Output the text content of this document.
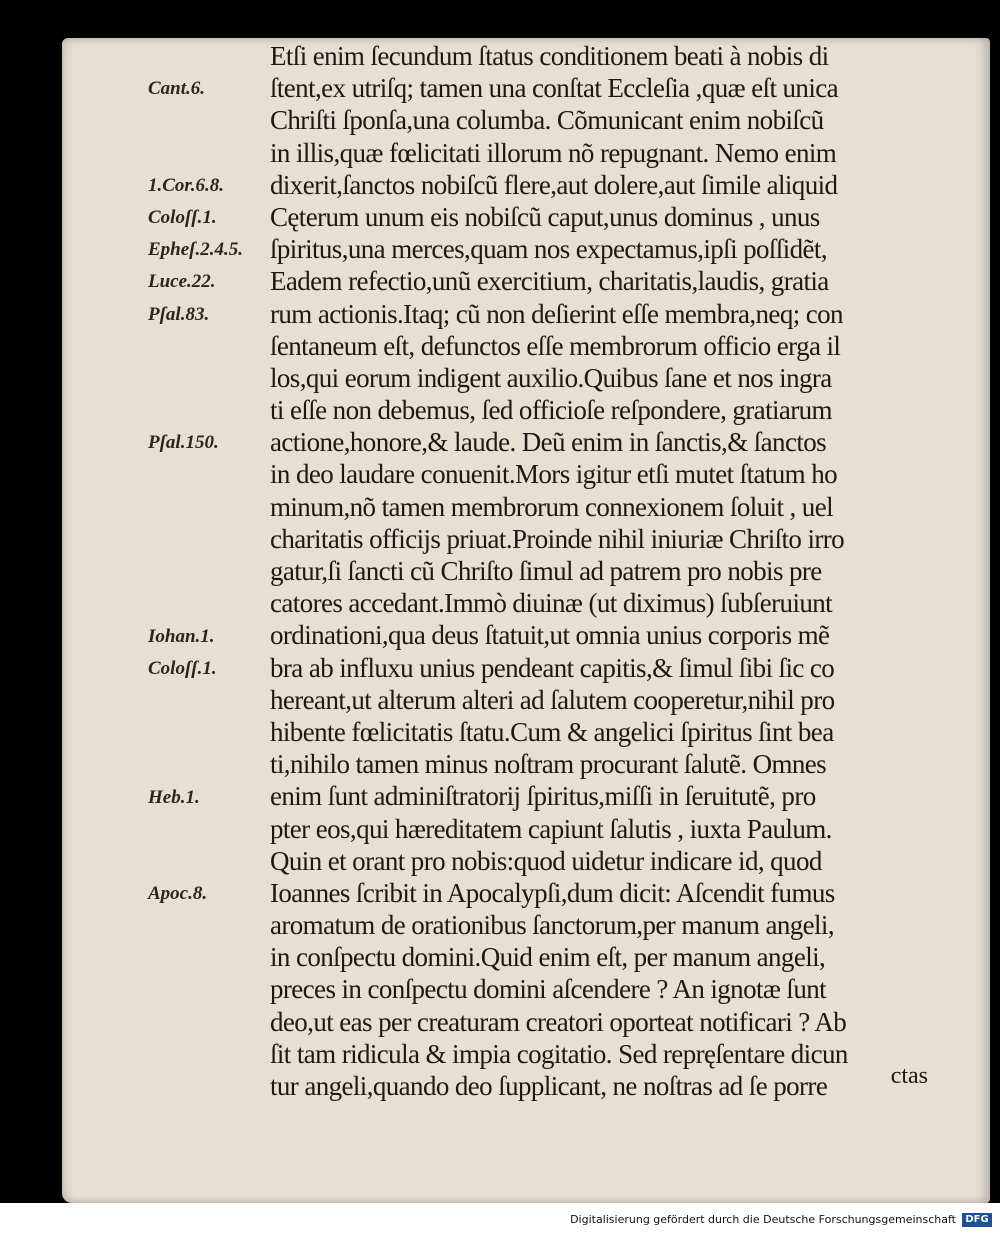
Cant.6.
1.Cor.6.8.
Coloſſ.1.
Epheſ.2.4.5.
Luce.22.
Pſal.83.
Pſal.150.
Iohan.1.
Coloſſ.1.
Heb.1.
Apoc.8.
Etſi enim ſecundum ſtatus conditionem beati à nobis di
ſtent,ex utriſq; tamen una conſtat Eccleſia ,quæ eſt unica
Chriſti ſponſa,una columba. Cõmunicant enim nobiſcũ
in illis,quæ fœlicitati illorum nõ repugnant. Nemo enim
dixerit,ſanctos nobiſcũ flere,aut dolere,aut ſimile aliquid
Cęterum unum eis nobiſcũ caput,unus dominus , unus
ſpiritus,una merces,quam nos expectamus,ipſi poſſidẽt,
Eadem refectio,unũ exercitium, charitatis,laudis, gratia
rum actionis.Itaq; cũ non deſierint eſſe membra,neq; con
ſentaneum eſt, defunctos eſſe membrorum officio erga il
los,qui eorum indigent auxilio.Quibus ſane et nos ingra
ti eſſe non debemus, ſed officioſe reſpondere, gratiarum
actione,honore,& laude. Deũ enim in ſanctis,& ſanctos
in deo laudare conuenit.Mors igitur etſi mutet ſtatum ho
minum,nõ tamen membrorum connexionem ſoluit , uel
charitatis officijs priuat.Proinde nihil iniuriæ Chriſto irro
gatur,ſi ſancti cũ Chriſto ſimul ad patrem pro nobis pre
catores accedant.Immò diuinæ (ut diximus) ſubſeruiunt
ordinationi,qua deus ſtatuit,ut omnia unius corporis mẽ
bra ab influxu unius pendeant capitis,& ſimul ſibi ſic co
hereant,ut alterum alteri ad ſalutem cooperetur,nihil pro
hibente fœlicitatis ſtatu.Cum & angelici ſpiritus ſint bea
ti,nihilo tamen minus noſtram procurant ſalutẽ. Omnes
enim ſunt adminiſtratorij ſpiritus,miſſi in ſeruitutẽ, pro
pter eos,qui hæreditatem capiunt ſalutis , iuxta Paulum.
Quin et orant pro nobis:quod uidetur indicare id, quod
Ioannes ſcribit in Apocalypſi,dum dicit: Aſcendit fumus
aromatum de orationibus ſanctorum,per manum angeli,
in conſpectu domini.Quid enim eſt, per manum angeli,
preces in conſpectu domini aſcendere ? An ignotæ ſunt
deo,ut eas per creaturam creatori oporteat notificari ? Ab
ſit tam ridicula & impia cogitatio. Sed repręſentare dicun
tur angeli,quando deo ſupplicant, ne noſtras ad ſe porre	ctas
Digitalisierung gefördert durch die Deutsche Forschungsgemeinschaft DFG
